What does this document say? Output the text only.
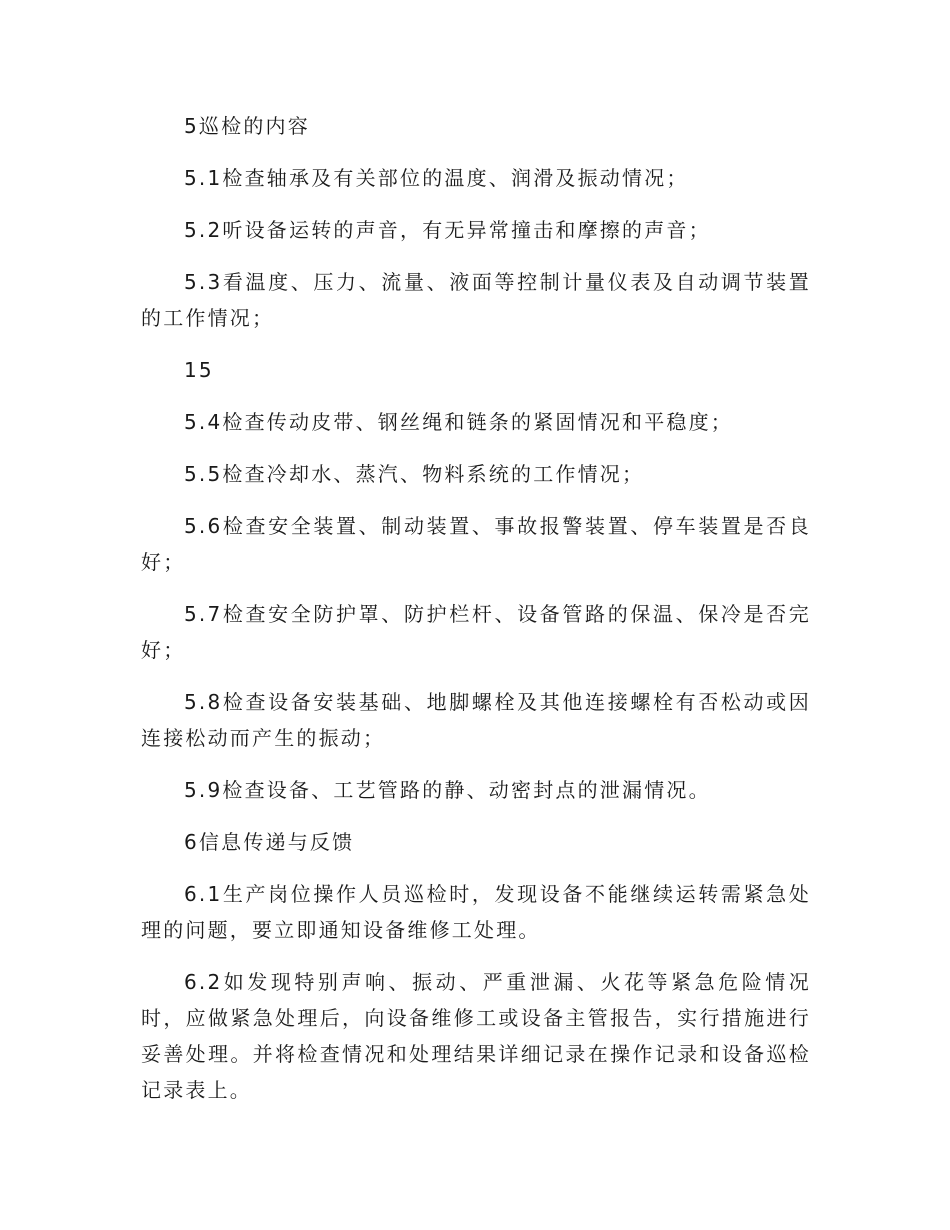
5巡检的内容

5.1检查轴承及有关部位的温度、润滑及振动情况；

5.2听设备运转的声音，有无异常撞击和摩擦的声音；

5.3看温度、压力、流量、液面等控制计量仪表及自动调节装置的工作情况；

15

5.4检查传动皮带、钢丝绳和链条的紧固情况和平稳度；

5.5检查冷却水、蒸汽、物料系统的工作情况；

5.6检查安全装置、制动装置、事故报警装置、停车装置是否良好；

5.7检查安全防护罩、防护栏杆、设备管路的保温、保冷是否完好；

5.8检查设备安装基础、地脚螺栓及其他连接螺栓有否松动或因连接松动而产生的振动；

5.9检查设备、工艺管路的静、动密封点的泄漏情况。

6信息传递与反馈

6.1生产岗位操作人员巡检时，发现设备不能继续运转需紧急处理的问题，要立即通知设备维修工处理。

6.2如发现特别声响、振动、严重泄漏、火花等紧急危险情况时，应做紧急处理后，向设备维修工或设备主管报告，实行措施进行妥善处理。并将检查情况和处理结果详细记录在操作记录和设备巡检记录表上。
